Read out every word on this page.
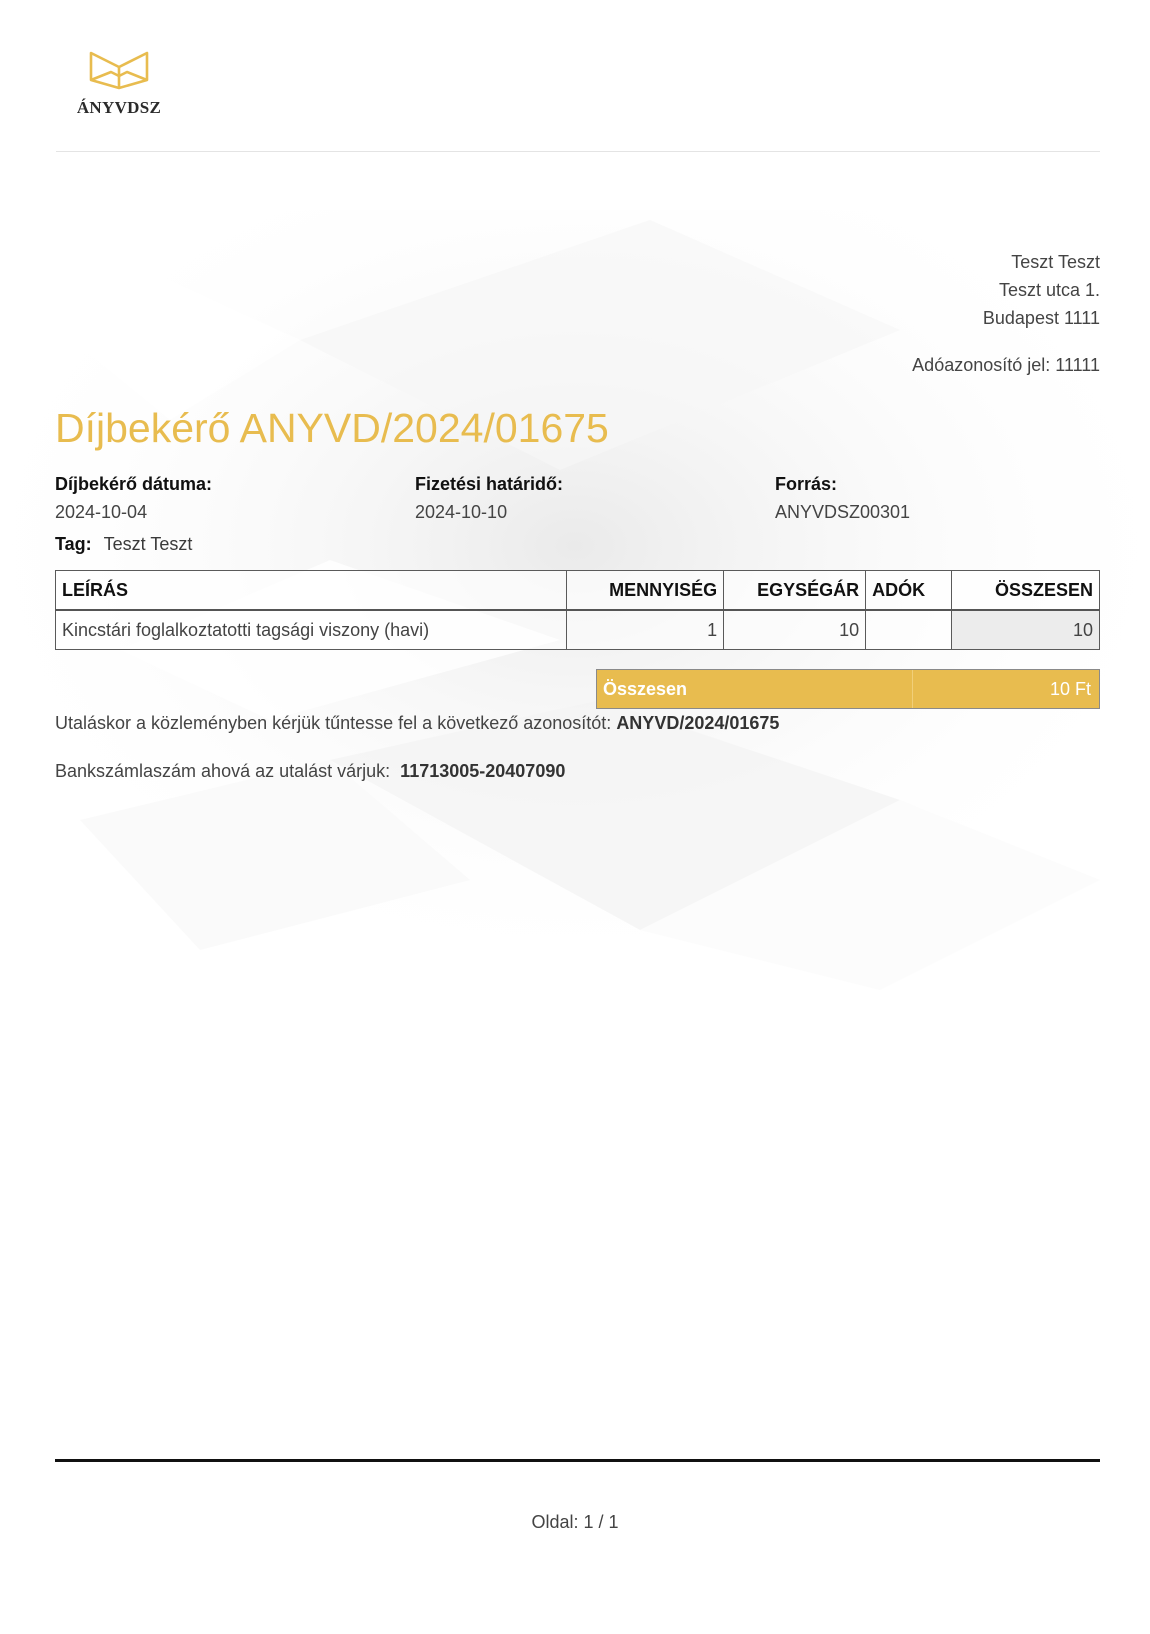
ÁNYVDSZ
Teszt Teszt
Teszt utca 1.
Budapest 1111
Adóazonosító jel: 11111
Díjbekérő ANYVD/2024/01675
Díjbekérő dátuma:
2024-10-04
Fizetési határidő:
2024-10-10
Forrás:
ANYVDSZ00301
Tag: Teszt Teszt
LEÍRÁS	MENNYISÉG	EGYSÉGÁR	ADÓK	ÖSSZESEN
Kincstári foglalkoztatotti tagsági viszony (havi)	1	10		10
Összesen	10 Ft
Utaláskor a közleményben kérjük tűntesse fel a következő azonosítót: ANYVD/2024/01675
Bankszámlaszám ahová az utalást várjuk: 11713005-20407090
Oldal: 1 / 1
